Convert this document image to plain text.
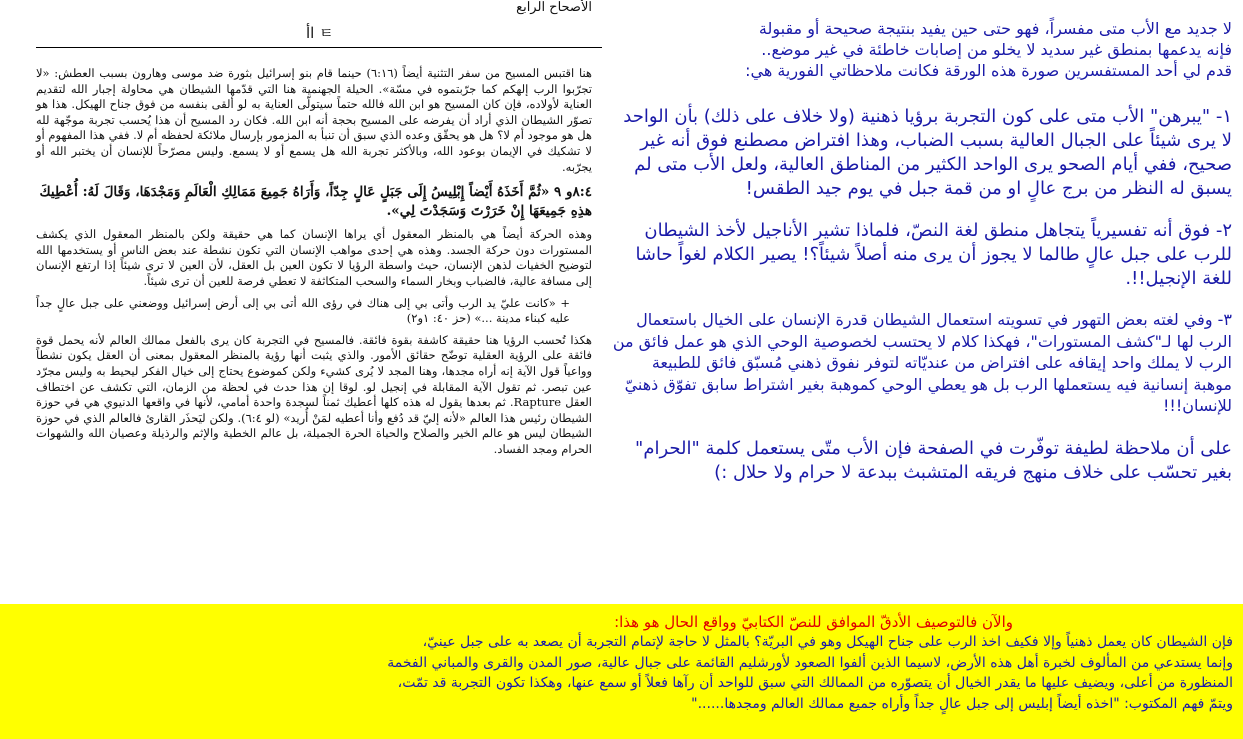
الأصحاح الرابع
ㅌ اأ

هنا اقتبس المسيح من سفر التثنية أيضاً (٦:١٦) حينما قام بنو إسرائيل بثورة ضد موسى وهارون بسبب العطش: «لا تجرّبوا الرب إلهكم كما جرّبتموه في مسّة». الحيلة الجهنمية هنا التي قدّمها الشيطان هي محاولة إجبار الله لتقديم العناية لأولاده، فإن كان المسيح هو ابن الله فالله حتماً سيتولّى العناية به لو ألقى بنفسه من فوق جناح الهيكل. هذا هو تصوّر الشيطان الذي أراد أن يفرضه على المسيح بحجة أنه ابن الله. فكان رد المسيح أن هذا يُحسب تجربة موجّهة لله هل هو موجود أم لا؟ هل هو يحقّق وعده الذي سبق أن تنبأ به المزمور بإرسال ملائكة لحفظه أم لا. ففي هذا المفهوم أو لا تشكيك في الإيمان بوعود الله، وبالأكثر تجربة الله هل يسمع أو لا يسمع. وليس مصرّحاً للإنسان أن يختبر الله أو يجرّبه.

٨:٤و ٩ «ثُمَّ أَخَذَهُ أَيْضاً إِبْلِيسُ إِلَى جَبَلٍ عَالٍ جِدّاً، وَأَرَاهُ جَمِيعَ مَمَالِكِ الْعَالَمِ وَمَجْدَهَا، وَقَالَ لَهُ: أُعْطِيكَ هذِهِ جَمِيعَهَا إِنْ خَرَرْتَ وَسَجَدْتَ لِي».

وهذه الحركة أيضاً هي بالمنظر المعقول أي يراها الإنسان كما هي حقيقة ولكن بالمنظر المعقول الذي يكشف المستورات دون حركة الجسد. وهذه هي إحدى مواهب الإنسان التي تكون نشطة عند بعض الناس أو يستخدمها الله لتوضيح الخفيات لذهن الإنسان، حيث واسطة الرؤيا لا تكون العين بل العقل، لأن العين لا ترى شيئاً إذا ارتفع الإنسان إلى مسافة عالية، فالضباب وبخار السماء والسحب المتكاثفة لا تعطي فرصة للعين أن ترى شيئاً.

+ «كانت عليّ يد الرب وأتى بي إلى هناك في رؤى الله أتى بي إلى أرض إسرائيل ووضعني على جبل عالٍ جداً عليه كبناء مدينة ...» (حز ٤٠: ١و٢)

هكذا تُحسب الرؤيا هنا حقيقة كاشفة بقوة فائقة. فالمسيح في التجربة كان يرى بالفعل ممالك العالم لأنه يحمل قوة فائقة على الرؤية العقلية توضّح حقائق الأمور. والذي يثبت أنها رؤية بالمنظر المعقول بمعنى أن العقل يكون نشطاً وواعياً قول الآية إنه أراه مجدها، وهنا المجد لا يُرى كشيء ولكن كموضوع يحتاج إلى خيال الفكر ليحيط به وليس مجرّد عين تبصر. ثم تقول الآية المقابلة في إنجيل لو. لوقا إن هذا حدث في لحظة من الزمان، التي تكشف عن اختطاف العقل Rapture. ثم بعدها يقول له هذه كلها أعطيك ثمناً لسجدة واحدة أمامي، لأنها في واقعها الدنيوي هي في حوزة الشيطان رئيس هذا العالم «لأنه إليّ قد دُفع وأنا أعطيه لمَنْ أُريد» (لو ٦:٤). ولكن ليَحذَر القارئ فالعالم الذي في حوزة الشيطان ليس هو عالم الخير والصلاح والحياة الحرة الجميلة، بل عالم الخطية والإثم والرذيلة وعصيان الله والشهوات الحرام ومجد الفساد.

لا جديد مع الأب متى مفسراً، فهو حتى حين يفيد بنتيجة صحيحة أو مقبولة
فإنه يدعمها بمنطق غير سديد لا يخلو من إصابات خاطئة في غير موضع..
قدم لي أحد المستفسرين صورة هذه الورقة فكانت ملاحظاتي الفورية هي:

١- "يبرهن" الأب متى على كون التجربة برؤيا ذهنية (ولا خلاف على ذلك) بأن الواحد لا يرى شيئاً على الجبال العالية بسبب الضباب، وهذا افتراض مصطنع فوق أنه غير صحيح، ففي أيام الصحو يرى الواحد الكثير من المناطق العالية، ولعل الأب متى لم يسبق له النظر من برج عالٍ او من قمة جبل في يوم جيد الطقس!

٢- فوق أنه تفسيرياً يتجاهل منطق لغة النصّ، فلماذا تشير الأناجيل لأخذ الشيطان للرب على جبل عالٍ طالما لا يجوز أن يرى منه أصلاً شيئاً؟! يصير الكلام لغواً حاشا للغة الإنجيل!!.

٣- وفي لغته بعض التهور في تسويته استعمال الشيطان قدرة الإنسان على الخيال باستعمال الرب لها لـ"كشف المستورات"، فهكذا كلام لا يحتسب لخصوصية الوحي الذي هو عمل فائق من الرب لا يملك واحد إيقافه على افتراض من عنديّاته لتوفر نفوق ذهني مُسبّق فائق للطبيعة موهبة إنسانية فيه يستعملها الرب بل هو يعطي الوحي كموهبة بغير اشتراط سابق تفوّق ذهنيّ للإنسان!!!

على أن ملاحظة لطيفة توفّرت في الصفحة فإن الأب متّى يستعمل كلمة "الحرام" بغير تحسّب على خلاف منهج فريقه المتشبث ببدعة لا حرام ولا حلال :)

والآن فالتوصيف الأدقّ الموافق للنصّ الكتابيّ وواقع الحال هو هذا:

فإن الشيطان كان يعمل ذهنياً وإلا فكيف اخذ الرب على جناح الهيكل وهو في البريّة؟ بالمثل لا حاجة لإتمام التجربة أن يصعد به على جبل عينيّ،

وإنما يستدعي من المألوف لخبرة أهل هذه الأرض، لاسيما الذين ألفوا الصعود لأورشليم القائمة على جبال عالية، صور المدن والقرى والمباني الفخمة

المنظورة من أعلى، ويضيف عليها ما يقدر الخيال أن يتصوّره من الممالك التي سبق للواحد أن رآها فعلاً أو سمع عنها، وهكذا تكون التجربة قد تمّت،

ويتمّ فهم المكتوب: "اخذه أيضاً إبليس إلى جبل عالٍ جداً وأراه جميع ممالك العالم ومجدها......"
